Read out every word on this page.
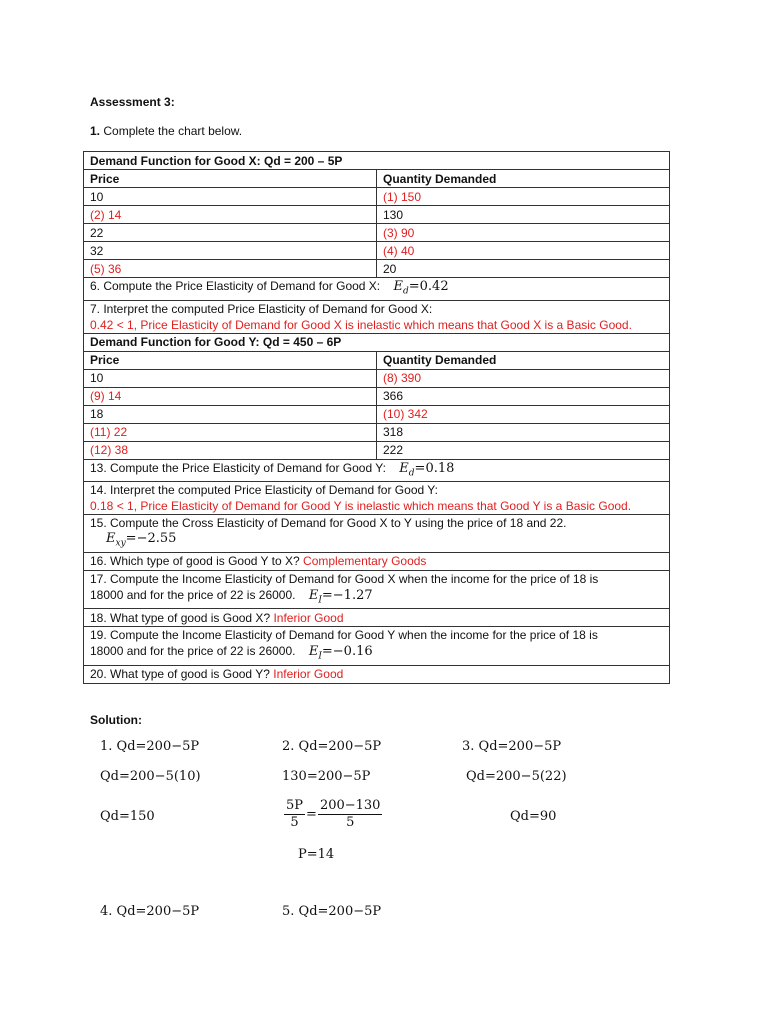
Assessment 3:
1. Complete the chart below.
Demand Function for Good X: Qd = 200 – 5P	
Price	Quantity Demanded
10	(1) 150
(2) 14	130
22	(3) 90
32	(4) 40
(5) 36	20
6. Compute the Price Elasticity of Demand for Good X: $E_d=0.42$	

7. Interpret the computed Price Elasticity of Demand for Good X:
0.42 < 1, Price Elasticity of Demand for Good X is inelastic which means that Good X is a Basic Good.	

Demand Function for Good Y: Qd = 450 – 6P	
Price	Quantity Demanded
10	(8) 390
(9) 14	366
18	(10) 342
(11) 22	318
(12) 38	222
13. Compute the Price Elasticity of Demand for Good Y: $E_d=0.18$	

14. Interpret the computed Price Elasticity of Demand for Good Y:
0.18 < 1, Price Elasticity of Demand for Good Y is inelastic which means that Good Y is a Basic Good.	

15. Compute the Cross Elasticity of Demand for Good X to Y using the price of 18 and 22.
$E_{xy}=-2.55$	

16. Which type of good is Good Y to X? Complementary Goods	

17. Compute the Income Elasticity of Demand for Good X when the income for the price of 18 is
18000 and for the price of 22 is 26000. $E_I=-1.27$	

18. What type of good is Good X? Inferior Good	

19. Compute the Income Elasticity of Demand for Good Y when the income for the price of 18 is
18000 and for the price of 22 is 26000. $E_I=-0.16$	

20. What type of good is Good Y? Inferior Good	
Solution:
1. Qd=200−5P
Qd=200−5(10)
Qd=150
2. Qd=200−5P
130=200−5P
$\frac{5P}{5} = \frac{200-130}{5}$
P=14
3. Qd=200−5P
Qd=200−5(22)
Qd=90
4. Qd=200−5P	5. Qd=200−5P
